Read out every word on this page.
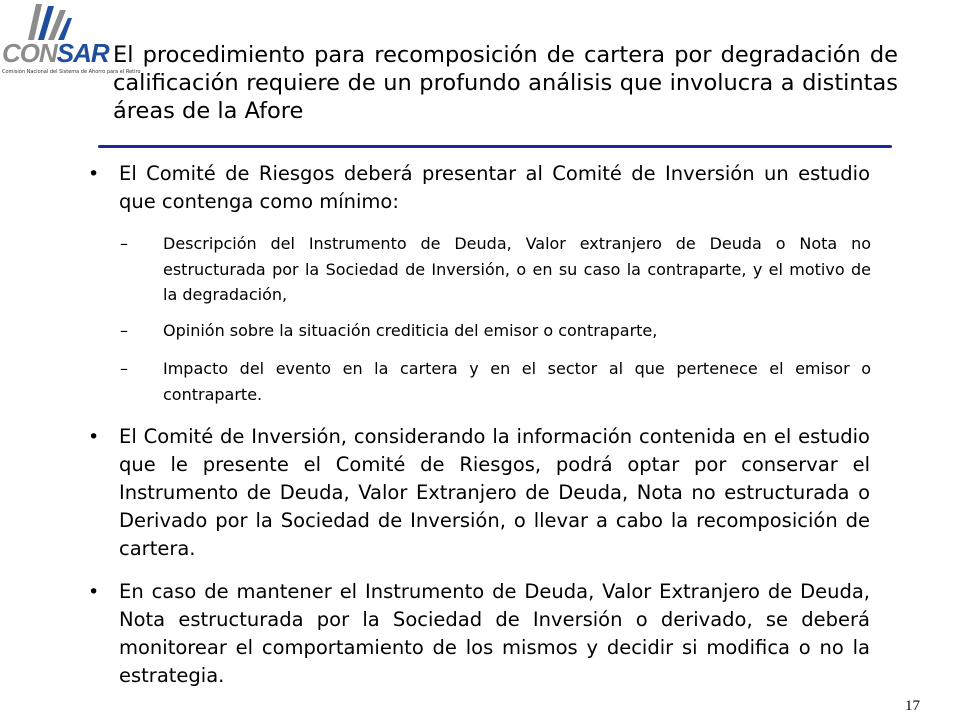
CONSAR
Comisión Nacional del Sistema de Ahorro para el Retiro
El procedimiento para recomposición de cartera por degradación de calificación requiere de un profundo análisis que involucra a distintas áreas de la Afore
•	El Comité de Riesgos deberá presentar al Comité de Inversión un estudio que contenga como mínimo:
–	Descripción del Instrumento de Deuda, Valor extranjero de Deuda o Nota no estructurada por la Sociedad de Inversión, o en su caso la contraparte, y el motivo de la degradación,
–	Opinión sobre la situación crediticia del emisor o contraparte,
–	Impacto del evento en la cartera y en el sector al que pertenece el emisor o contraparte.
•	El Comité de Inversión, considerando la información contenida en el estudio que le presente el Comité de Riesgos, podrá optar por conservar el Instrumento de Deuda, Valor Extranjero de Deuda, Nota no estructurada o Derivado por la Sociedad de Inversión, o llevar a cabo la recomposición de cartera.
•	En caso de mantener el Instrumento de Deuda, Valor Extranjero de Deuda, Nota estructurada por la Sociedad de Inversión o derivado, se deberá monitorear el comportamiento de los mismos y decidir si modifica o no la estrategia.
17
